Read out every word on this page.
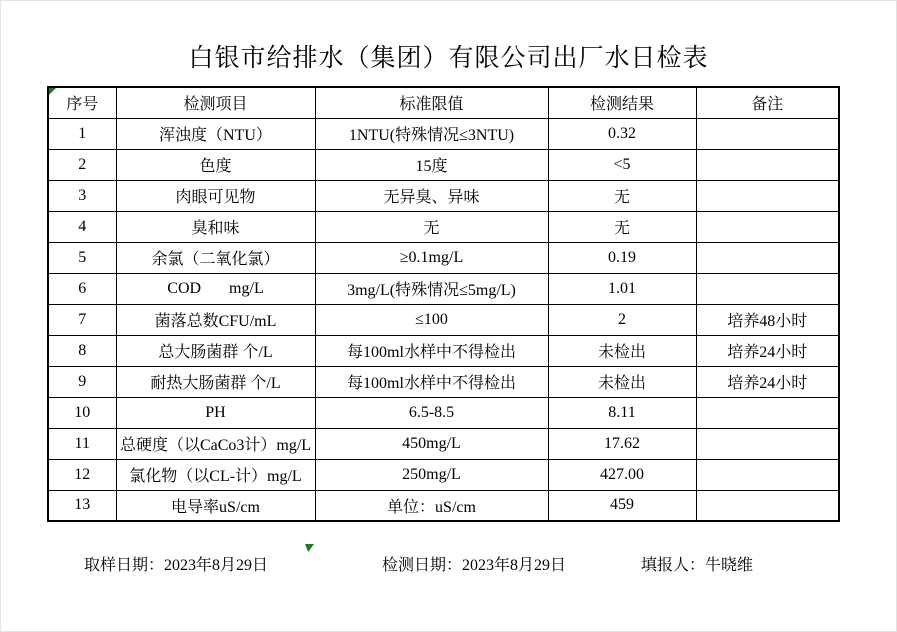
白银市给排水（集团）有限公司出厂水日检表
序号	检测项目	标准限值	检测结果	备注
1	浑浊度（NTU）	1NTU(特殊情况≤3NTU)	0.32	
2	色度	15度	<5	
3	肉眼可见物	无异臭、异味	无	
4	臭和味	无	无	
5	余氯（二氧化氯）	≥0.1mg/L	0.19	
6	COD       mg/L	3mg/L(特殊情况≤5mg/L)	1.01	
7	菌落总数CFU/mL	≤100	2	培养48小时
8	总大肠菌群 个/L	每100ml水样中不得检出	未检出	培养24小时
9	耐热大肠菌群 个/L	每100ml水样中不得检出	未检出	培养24小时
10	PH	6.5-8.5	8.11	
11	总硬度（以CaCo3计）mg/L	450mg/L	17.62	
12	氯化物（以CL-计）mg/L	250mg/L	427.00	
13	电导率uS/cm	单位：uS/cm	459	
取样日期：2023年8月29日	检测日期：2023年8月29日	填报人：牛晓维
